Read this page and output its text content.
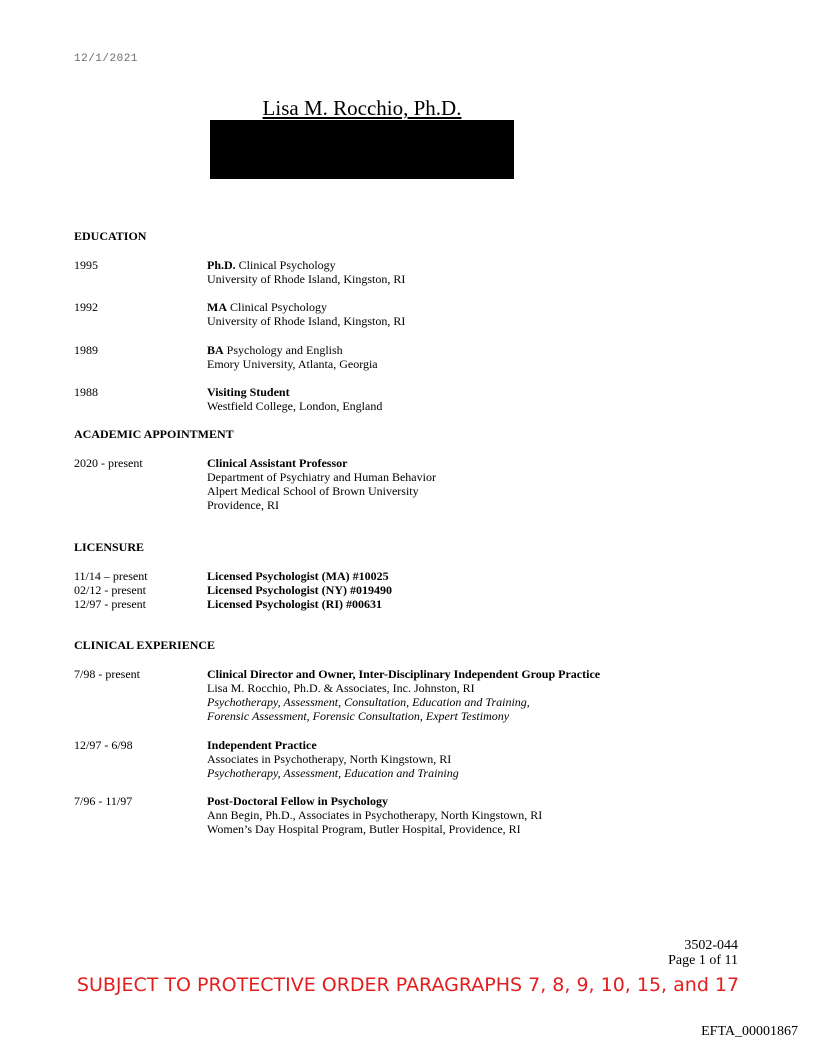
12/1/2021
Lisa M. Rocchio, Ph.D.
EDUCATION
1995	Ph.D. Clinical Psychology
University of Rhode Island, Kingston, RI
1992	MA Clinical Psychology
University of Rhode Island, Kingston, RI
1989	BA Psychology and English
Emory University, Atlanta, Georgia
1988	Visiting Student
Westfield College, London, England
ACADEMIC APPOINTMENT
2020 - present	Clinical Assistant Professor
Department of Psychiatry and Human Behavior
Alpert Medical School of Brown University
Providence, RI
LICENSURE
11/14 – present	Licensed Psychologist (MA) #10025
02/12 - present	Licensed Psychologist (NY) #019490
12/97 - present	Licensed Psychologist (RI) #00631
CLINICAL EXPERIENCE
7/98 - present	Clinical Director and Owner, Inter-Disciplinary Independent Group Practice
Lisa M. Rocchio, Ph.D. & Associates, Inc. Johnston, RI
Psychotherapy, Assessment, Consultation, Education and Training,
Forensic Assessment, Forensic Consultation, Expert Testimony
12/97 - 6/98	Independent Practice
Associates in Psychotherapy, North Kingstown, RI
Psychotherapy, Assessment, Education and Training
7/96 - 11/97	Post-Doctoral Fellow in Psychology
Ann Begin, Ph.D., Associates in Psychotherapy, North Kingstown, RI
Women’s Day Hospital Program, Butler Hospital, Providence, RI
3502-044
Page 1 of 11
SUBJECT TO PROTECTIVE ORDER PARAGRAPHS 7, 8, 9, 10, 15, and 17
EFTA_00001867
